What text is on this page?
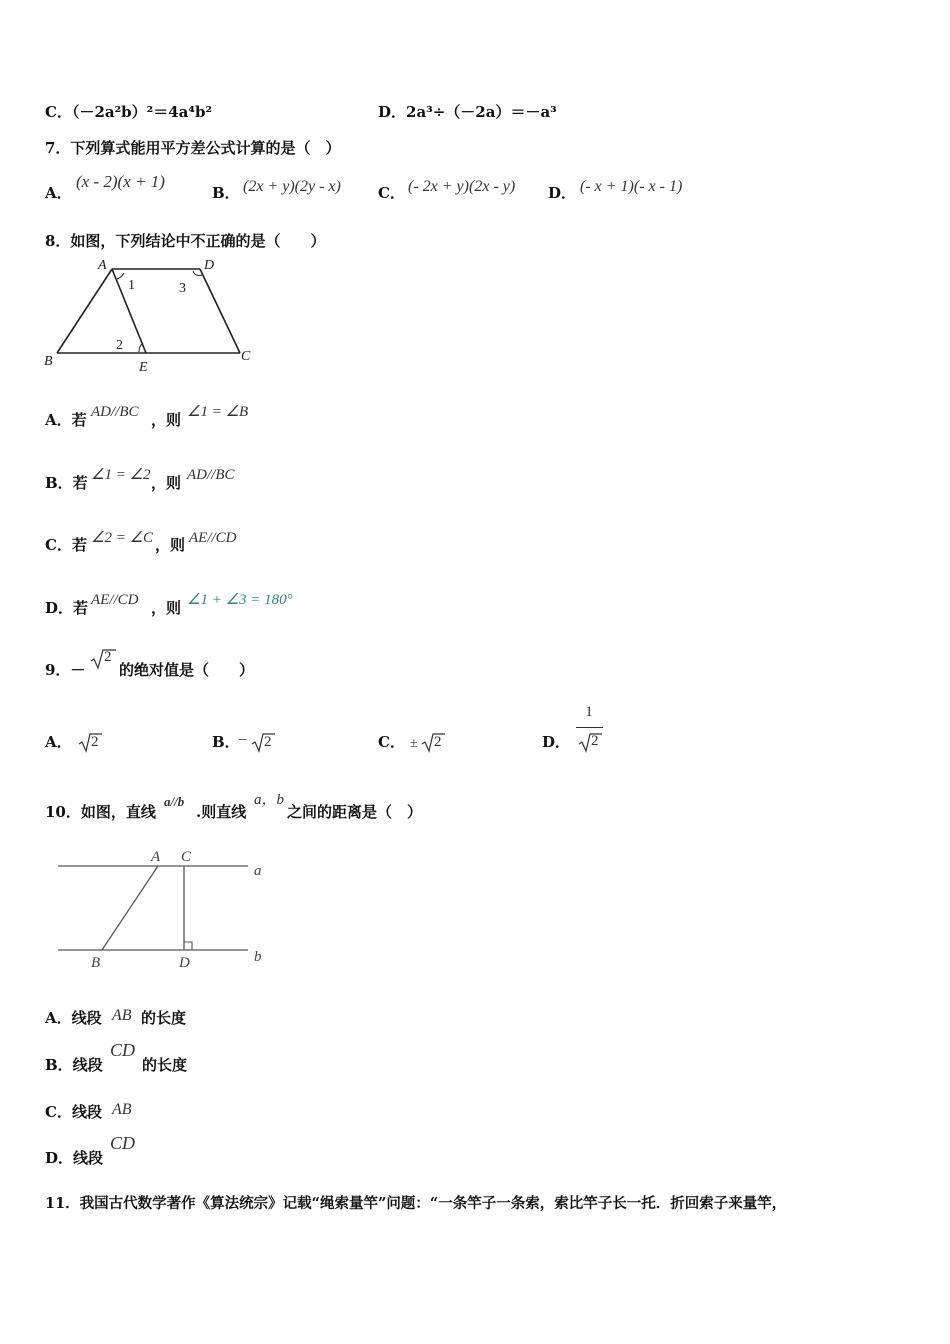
C．（－2a²b）²＝4a⁴b²	D．2a³÷（－2a）＝－a³
7．下列算式能用平方差公式计算的是（　）
A．
(x - 2)(x + 1)
B． (2x + y)(2y - x) C． (- 2x + y)(2x - y) D． (- x + 1)(- x - 1)
8．如图，下列结论中不正确的是（　　）
A	D
B	C
E
1
2
3
A．若 AD//BC ，则 ∠1 = ∠B
B．若 ∠1 = ∠2 ，则 AD//BC
C．若 ∠2 = ∠C ，则 AE//CD
D．若 AE//CD ，则 ∠1 + ∠3 = 180°
9．－
2
的绝对值是（　　）
A． 2	B．
− 2	C． ± 2	D．
1
2
10．如图，直线
a//b
.则直线
a，b
之间的距离是（　）
A C
a
B	D	b
A．线段 AB 的长度
B．线段
CD
的长度
C．线段 AB
D．线段
CD
11．我国古代数学著作《算法统宗》记载“绳索量竿”问题：“一条竿子一条索，索比竿子长一托．折回索子来量竿，
